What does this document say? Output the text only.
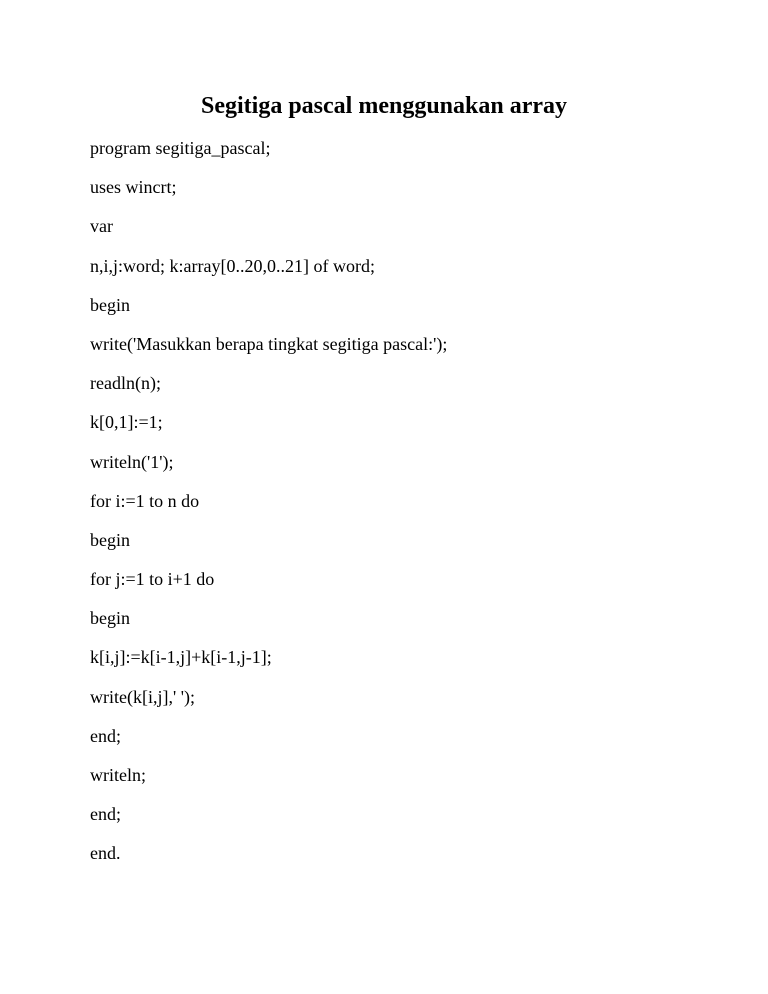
Segitiga pascal menggunakan array
program segitiga_pascal;
uses wincrt;
var
n,i,j:word; k:array[0..20,0..21] of word;
begin
write('Masukkan berapa tingkat segitiga pascal:');
readln(n);
k[0,1]:=1;
writeln('1');
for i:=1 to n do
begin
for j:=1 to i+1 do
begin
k[i,j]:=k[i-1,j]+k[i-1,j-1];
write(k[i,j],' ');
end;
writeln;
end;
end.
